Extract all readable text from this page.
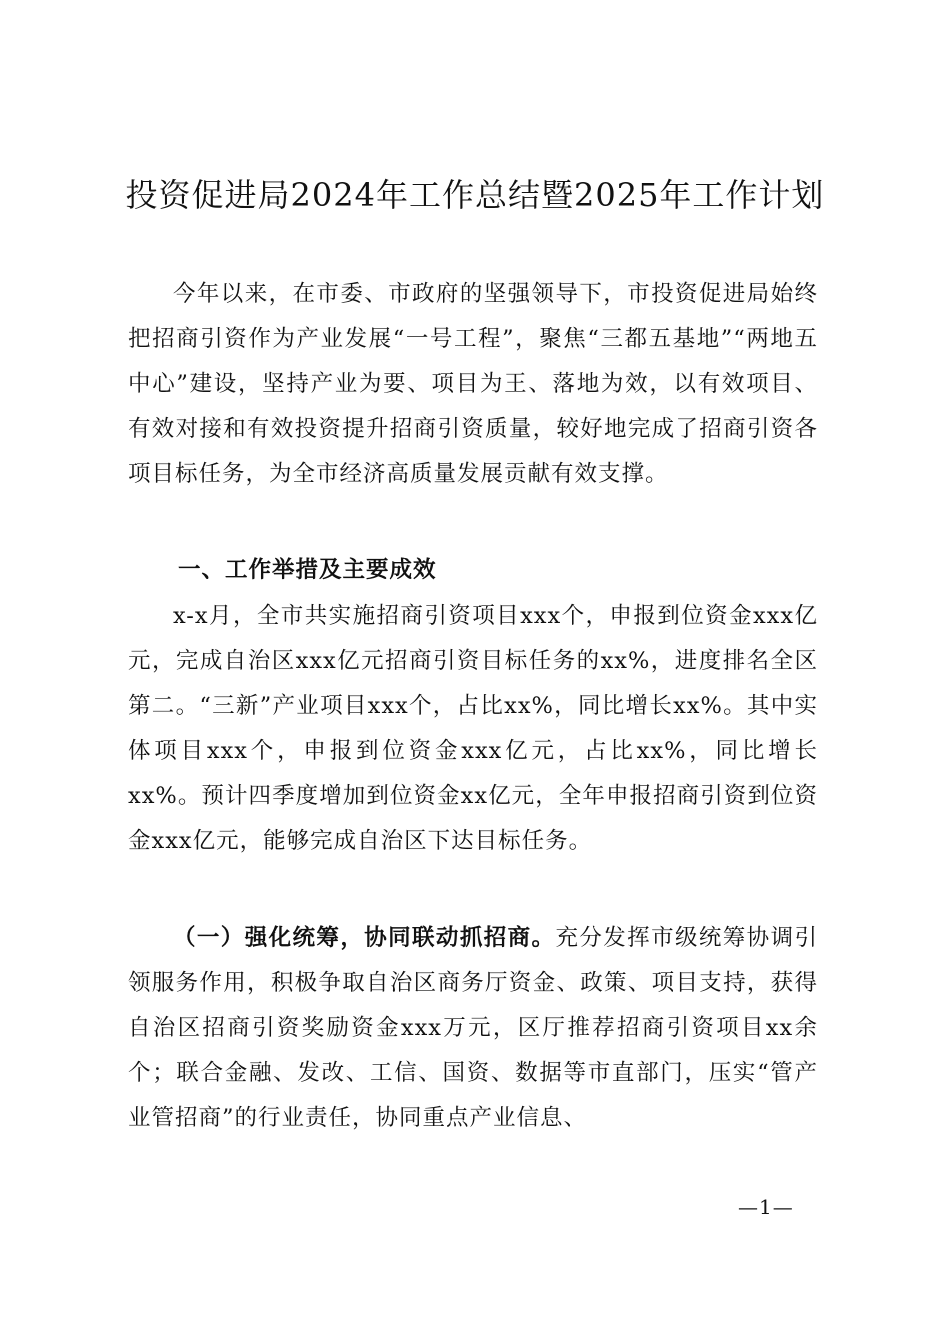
投资促进局2024年工作总结暨2025年工作计划

今年以来，在市委、市政府的坚强领导下，市投资促进局始终把招商引资作为产业发展“一号工程”，聚焦“三都五基地”“两地五中心”建设，坚持产业为要、项目为王、落地为效，以有效项目、有效对接和有效投资提升招商引资质量，较好地完成了招商引资各项目标任务，为全市经济高质量发展贡献有效支撑。

一、工作举措及主要成效

x-x月，全市共实施招商引资项目xxx个，申报到位资金xxx亿元，完成自治区xxx亿元招商引资目标任务的xx%，进度排名全区第二。“三新”产业项目xxx个，占比xx%，同比增长xx%。其中实体项目xxx个，申报到位资金xxx亿元，占比xx%，同比增长xx%。预计四季度增加到位资金xx亿元，全年申报招商引资到位资金xxx亿元，能够完成自治区下达目标任务。

（一）强化统筹，协同联动抓招商。充分发挥市级统筹协调引领服务作用，积极争取自治区商务厅资金、政策、项目支持，获得自治区招商引资奖励资金xxx万元，区厅推荐招商引资项目xx余个；联合金融、发改、工信、国资、数据等市直部门，压实“管产业管招商”的行业责任，协同重点产业信息、

—1—
